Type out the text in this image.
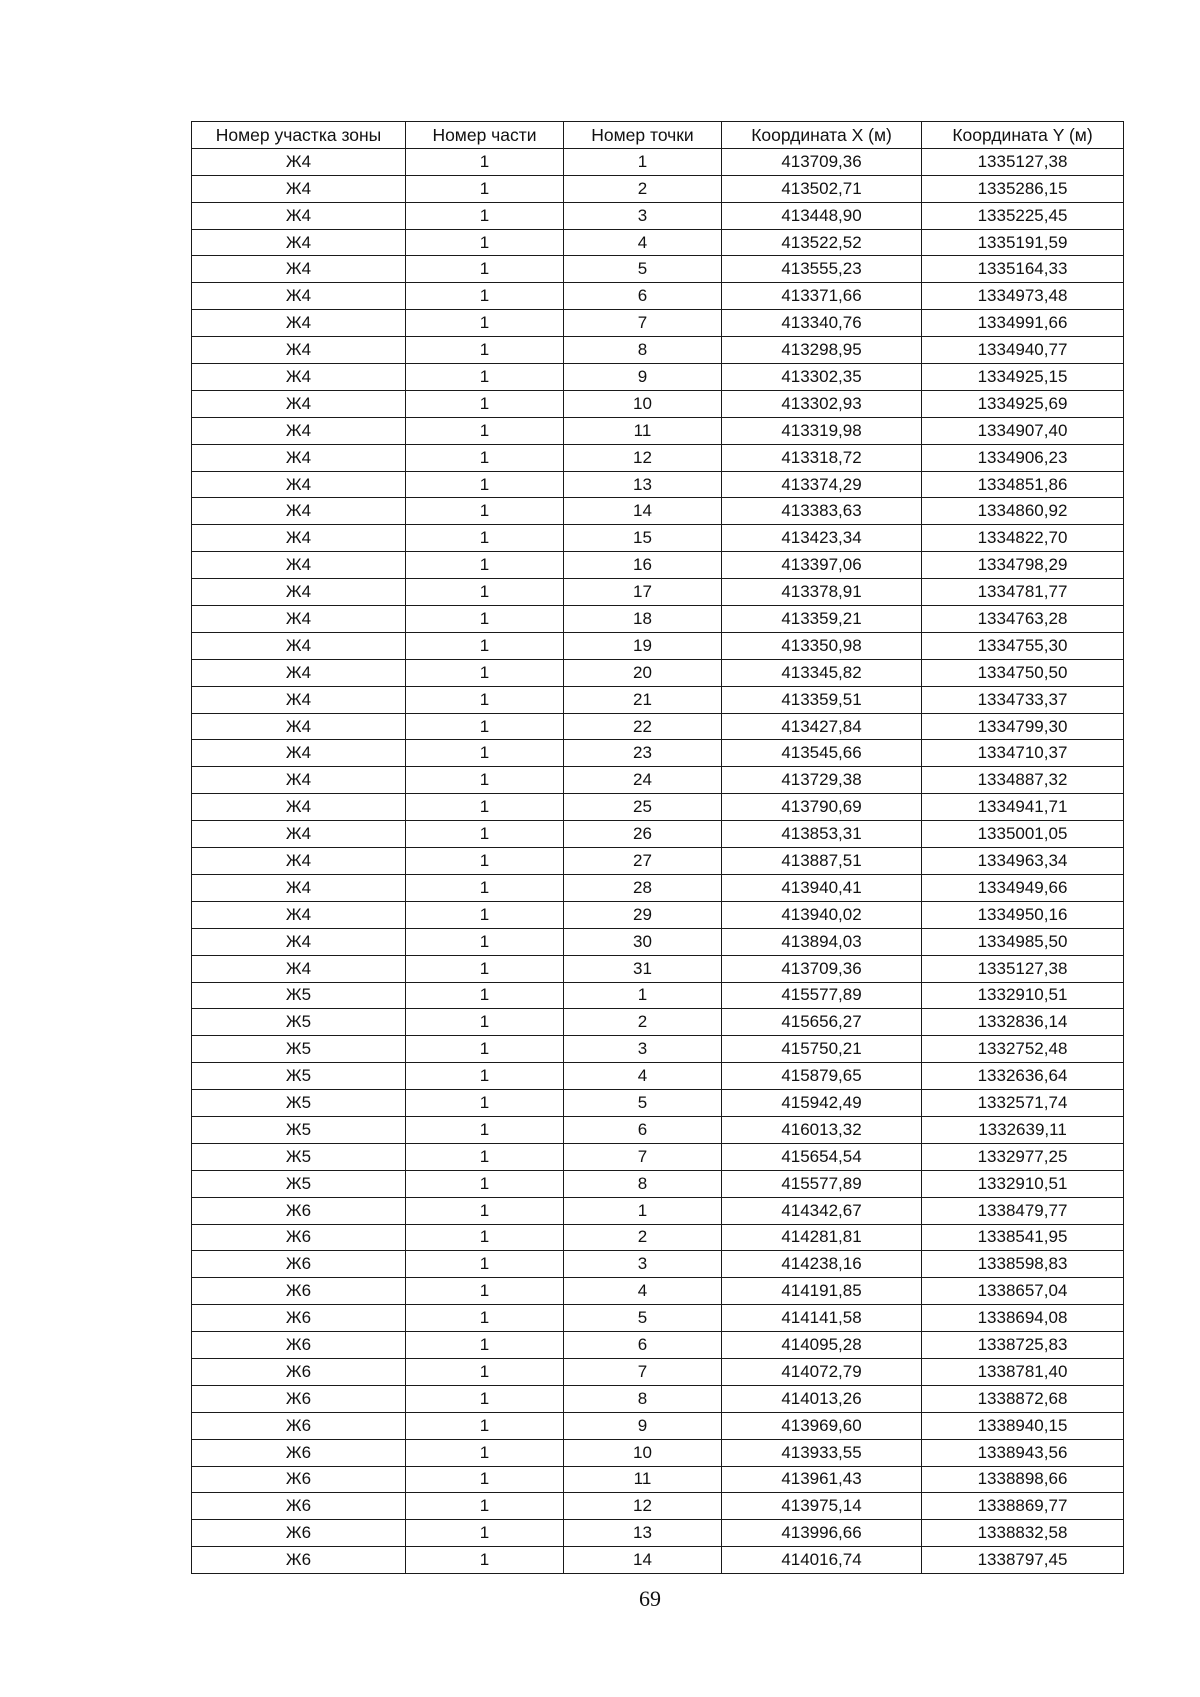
Номер участка зоны	Номер части	Номер точки	Координата X (м)	Координата Y (м)
Ж4	1	1	413709,36	1335127,38
Ж4	1	2	413502,71	1335286,15
Ж4	1	3	413448,90	1335225,45
Ж4	1	4	413522,52	1335191,59
Ж4	1	5	413555,23	1335164,33
Ж4	1	6	413371,66	1334973,48
Ж4	1	7	413340,76	1334991,66
Ж4	1	8	413298,95	1334940,77
Ж4	1	9	413302,35	1334925,15
Ж4	1	10	413302,93	1334925,69
Ж4	1	11	413319,98	1334907,40
Ж4	1	12	413318,72	1334906,23
Ж4	1	13	413374,29	1334851,86
Ж4	1	14	413383,63	1334860,92
Ж4	1	15	413423,34	1334822,70
Ж4	1	16	413397,06	1334798,29
Ж4	1	17	413378,91	1334781,77
Ж4	1	18	413359,21	1334763,28
Ж4	1	19	413350,98	1334755,30
Ж4	1	20	413345,82	1334750,50
Ж4	1	21	413359,51	1334733,37
Ж4	1	22	413427,84	1334799,30
Ж4	1	23	413545,66	1334710,37
Ж4	1	24	413729,38	1334887,32
Ж4	1	25	413790,69	1334941,71
Ж4	1	26	413853,31	1335001,05
Ж4	1	27	413887,51	1334963,34
Ж4	1	28	413940,41	1334949,66
Ж4	1	29	413940,02	1334950,16
Ж4	1	30	413894,03	1334985,50
Ж4	1	31	413709,36	1335127,38
Ж5	1	1	415577,89	1332910,51
Ж5	1	2	415656,27	1332836,14
Ж5	1	3	415750,21	1332752,48
Ж5	1	4	415879,65	1332636,64
Ж5	1	5	415942,49	1332571,74
Ж5	1	6	416013,32	1332639,11
Ж5	1	7	415654,54	1332977,25
Ж5	1	8	415577,89	1332910,51
Ж6	1	1	414342,67	1338479,77
Ж6	1	2	414281,81	1338541,95
Ж6	1	3	414238,16	1338598,83
Ж6	1	4	414191,85	1338657,04
Ж6	1	5	414141,58	1338694,08
Ж6	1	6	414095,28	1338725,83
Ж6	1	7	414072,79	1338781,40
Ж6	1	8	414013,26	1338872,68
Ж6	1	9	413969,60	1338940,15
Ж6	1	10	413933,55	1338943,56
Ж6	1	11	413961,43	1338898,66
Ж6	1	12	413975,14	1338869,77
Ж6	1	13	413996,66	1338832,58
Ж6	1	14	414016,74	1338797,45
69
